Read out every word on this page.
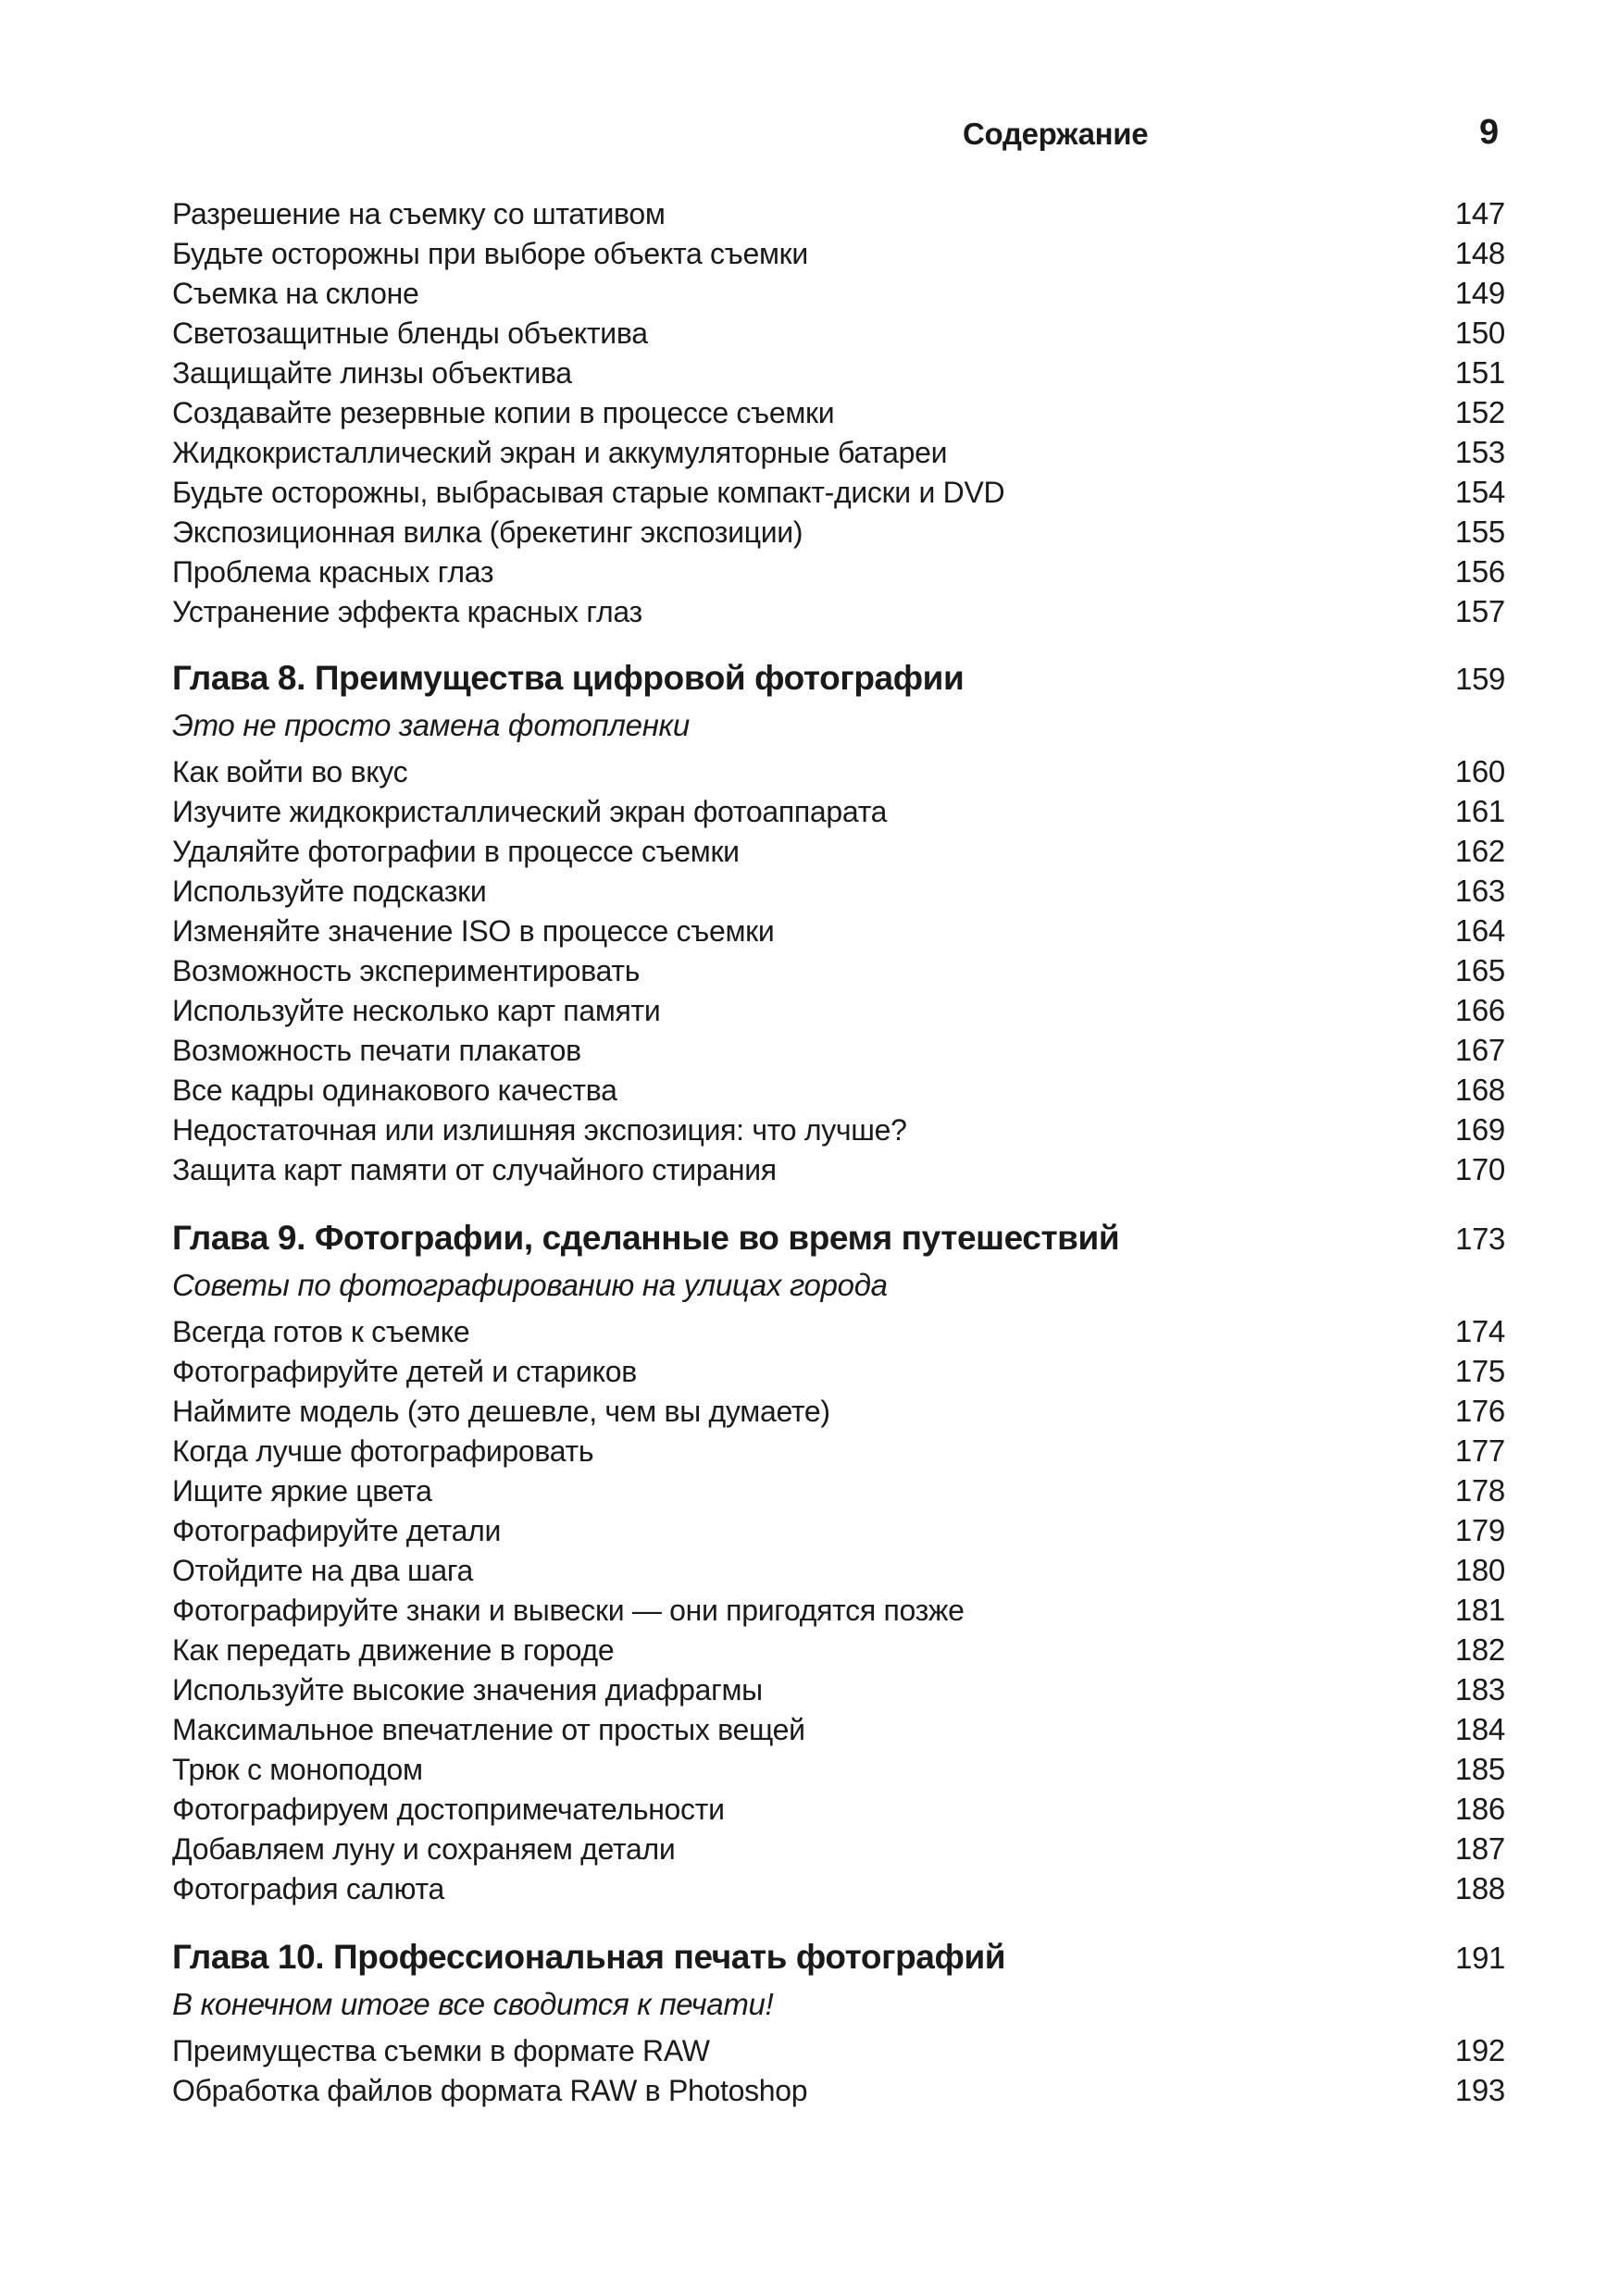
Содержание	9
Разрешение на съемку со штативом	147
Будьте осторожны при выборе объекта съемки	148
Съемка на склоне	149
Светозащитные бленды объектива	150
Защищайте линзы объектива	151
Создавайте резервные копии в процессе съемки	152
Жидкокристаллический экран и аккумуляторные батареи	153
Будьте осторожны, выбрасывая старые компакт-диски и DVD	154
Экспозиционная вилка (брекетинг экспозиции)	155
Проблема красных глаз	156
Устранение эффекта красных глаз	157
Глава 8. Преимущества цифровой фотографии	159
Это не просто замена фотопленки
Как войти во вкус	160
Изучите жидкокристаллический экран фотоаппарата	161
Удаляйте фотографии в процессе съемки	162
Используйте подсказки	163
Изменяйте значение ISO в процессе съемки	164
Возможность экспериментировать	165
Используйте несколько карт памяти	166
Возможность печати плакатов	167
Все кадры одинакового качества	168
Недостаточная или излишняя экспозиция: что лучше?	169
Защита карт памяти от случайного стирания	170
Глава 9. Фотографии, сделанные во время путешествий	173
Советы по фотографированию на улицах города
Всегда готов к съемке	174
Фотографируйте детей и стариков	175
Наймите модель (это дешевле, чем вы думаете)	176
Когда лучше фотографировать	177
Ищите яркие цвета	178
Фотографируйте детали	179
Отойдите на два шага	180
Фотографируйте знаки и вывески — они пригодятся позже	181
Как передать движение в городе	182
Используйте высокие значения диафрагмы	183
Максимальное впечатление от простых вещей	184
Трюк с моноподом	185
Фотографируем достопримечательности	186
Добавляем луну и сохраняем детали	187
Фотография салюта	188
Глава 10. Профессиональная печать фотографий	191
В конечном итоге все сводится к печати!
Преимущества съемки в формате RAW	192
Обработка файлов формата RAW в Photoshop	193
